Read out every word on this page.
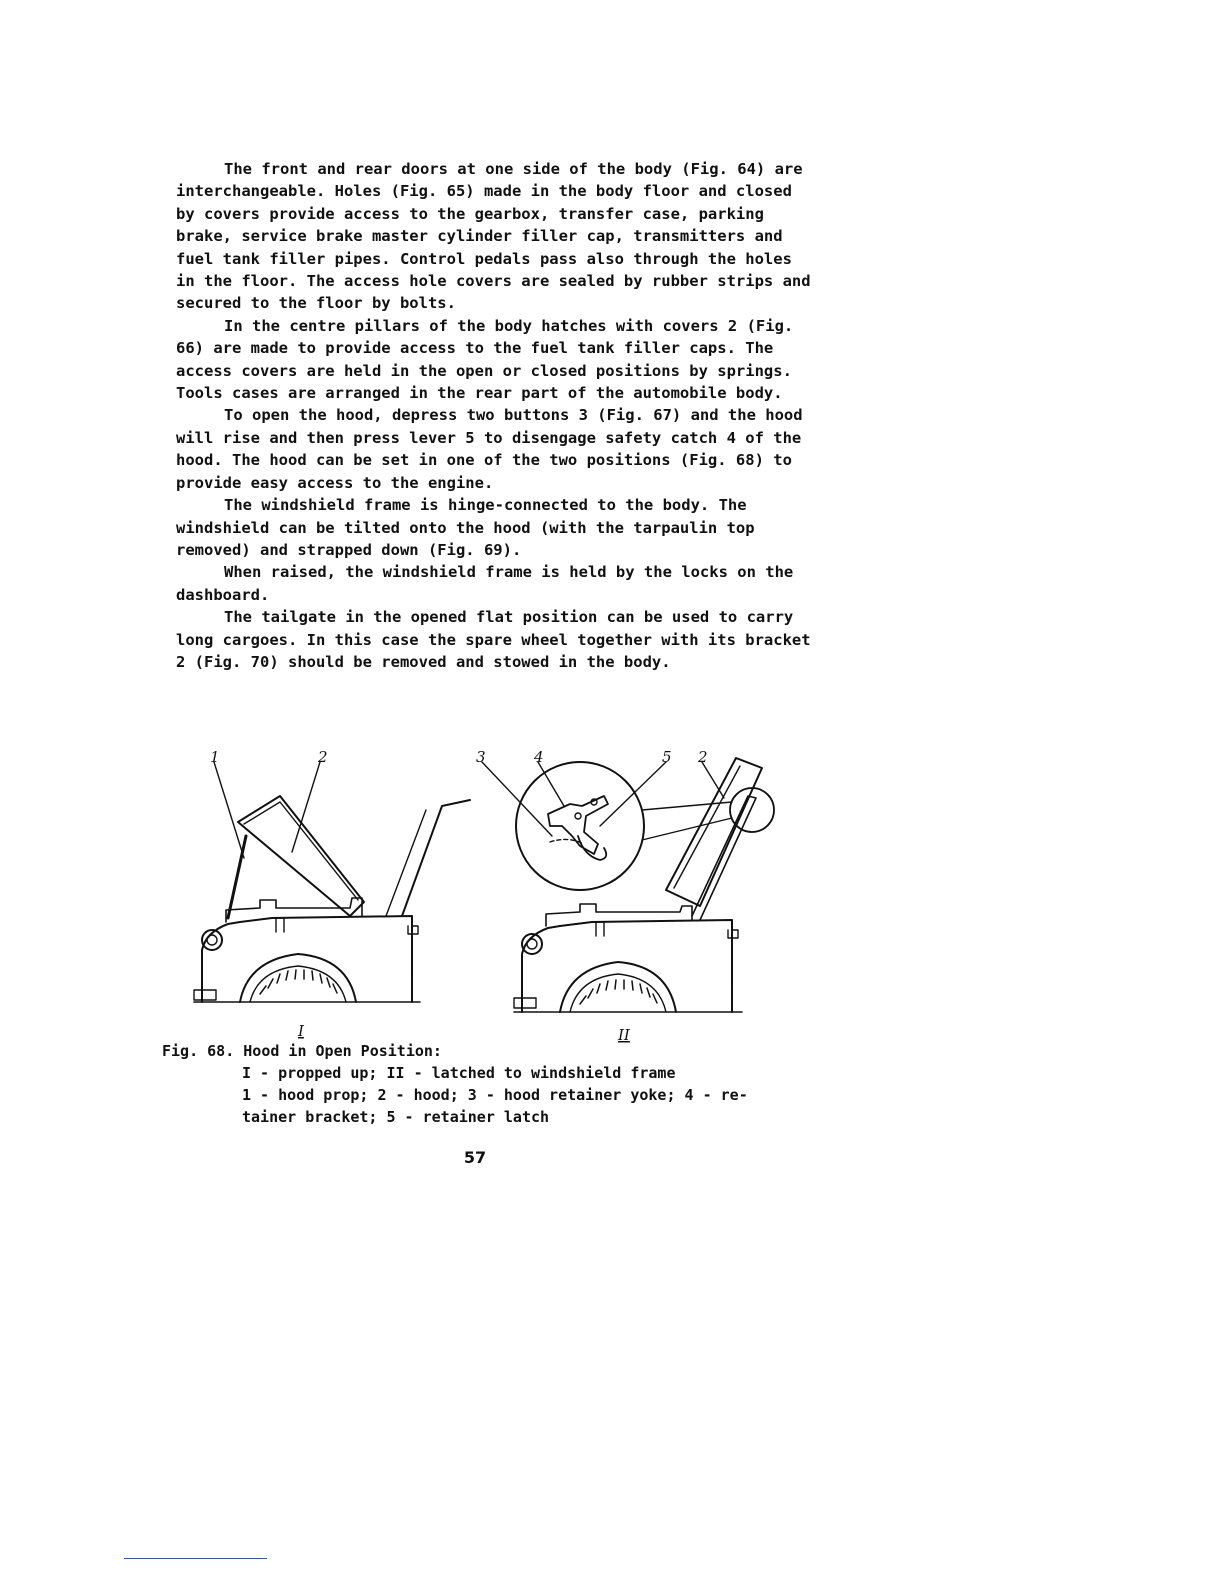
The front and rear doors at one side of the body (Fig. 64) are interchangeable. Holes (Fig. 65) made in the body floor and closed by covers provide access to the gearbox, transfer case, parking brake, service brake master cylinder filler cap, transmitters and fuel tank filler pipes. Control pedals pass also through the holes in the floor. The access hole covers are sealed by rubber strips and secured to the floor by bolts.

In the centre pillars of the body hatches with covers 2 (Fig. 66) are made to provide access to the fuel tank filler caps. The access covers are held in the open or closed positions by springs. Tools cases are arranged in the rear part of the automobile body.

To open the hood, depress two buttons 3 (Fig. 67) and the hood will rise and then press lever 5 to disengage safety catch 4 of the hood. The hood can be set in one of the two positions (Fig. 68) to provide easy access to the engine.

The windshield frame is hinge-connected to the body. The windshield can be tilted onto the hood (with the tarpaulin top removed) and strapped down (Fig. 69).

When raised, the windshield frame is held by the locks on the dashboard.

The tailgate in the opened flat position can be used to carry long cargoes. In this case the spare wheel together with its bracket 2 (Fig. 70) should be removed and stowed in the body.

1	2	3	4	5 2
I	II

Fig. 68. Hood in Open Position:

I - propped up; II - latched to windshield frame

1 - hood prop; 2 - hood; 3 - hood retainer yoke; 4 - re-

tainer bracket; 5 - retainer latch

57
